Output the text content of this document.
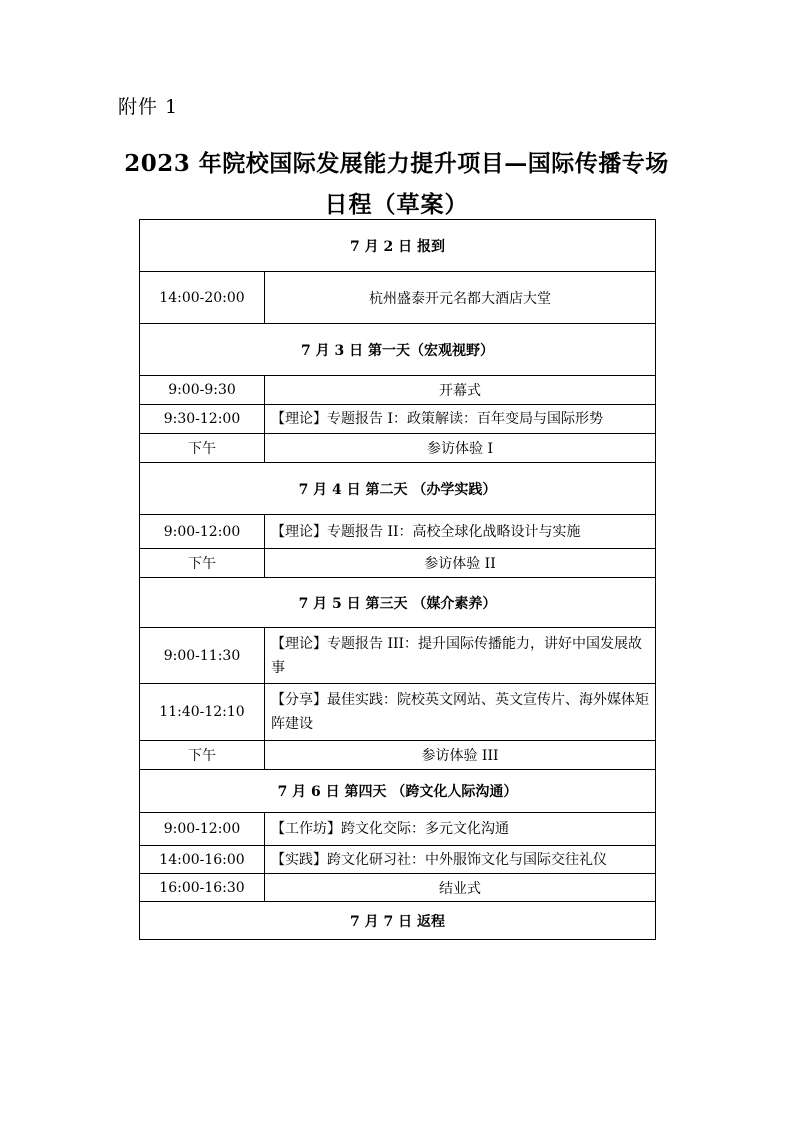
附件 1
2023 年院校国际发展能力提升项目—国际传播专场
日程（草案）
7 月 2 日 报到	
14:00-20:00	杭州盛泰开元名都大酒店大堂
7 月 3 日 第一天（宏观视野）	
9:00-9:30	开幕式
9:30-12:00	【理论】专题报告 I：政策解读：百年变局与国际形势
下午	参访体验 I
7 月 4 日 第二天 （办学实践）	
9:00-12:00	【理论】专题报告 II：高校全球化战略设计与实施
下午	参访体验 II
7 月 5 日 第三天 （媒介素养）	
9:00-11:30	【理论】专题报告 III：提升国际传播能力，讲好中国发展故事
11:40-12:10	【分享】最佳实践：院校英文网站、英文宣传片、海外媒体矩阵建设
下午	参访体验 III
7 月 6 日 第四天 （跨文化人际沟通）	
9:00-12:00	【工作坊】跨文化交际：多元文化沟通
14:00-16:00	【实践】跨文化研习社：中外服饰文化与国际交往礼仪
16:00-16:30	结业式
7 月 7 日 返程	
